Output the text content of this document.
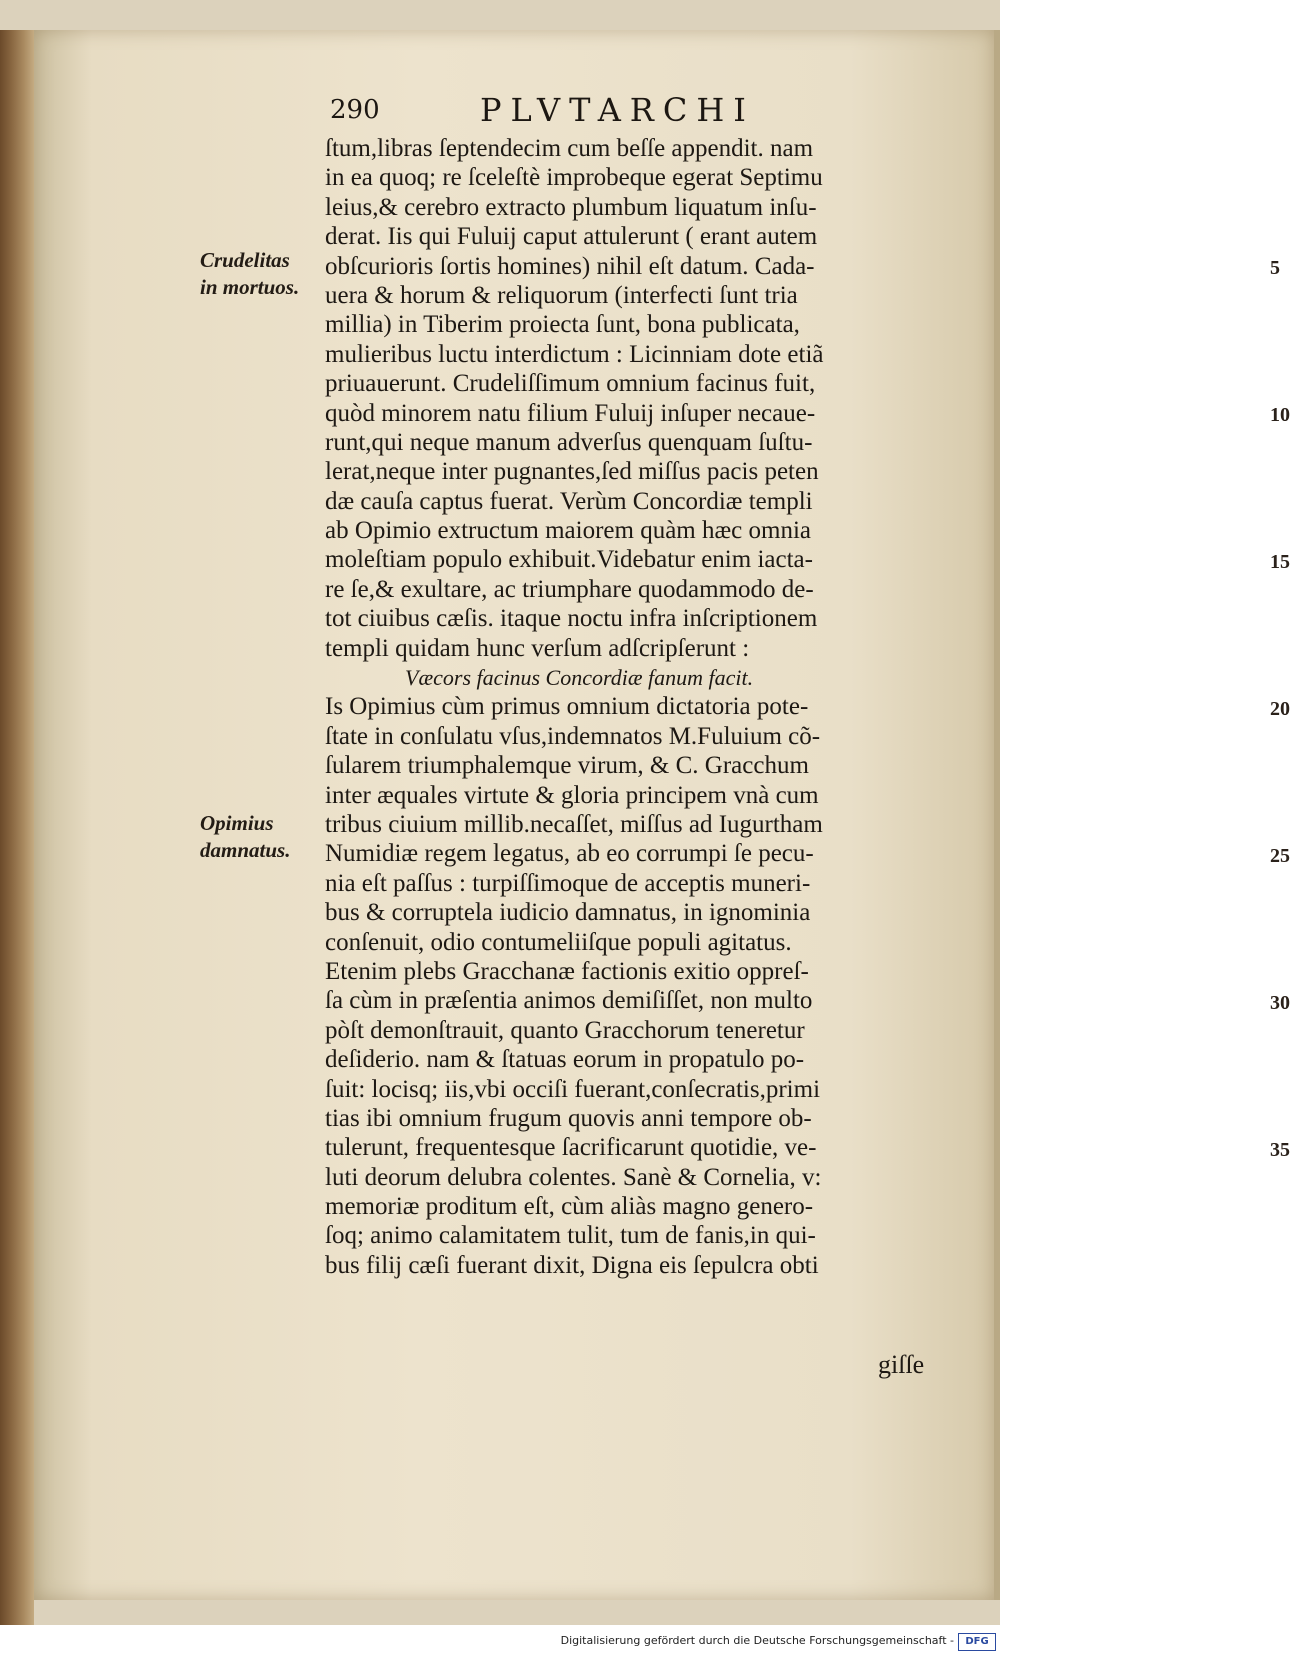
290	PLVTARCHI
Crudelitas
in mortuos.
Opimius
damnatus.
ſtum,libras ſeptendecim cum beſſe appendit. nam
in ea quoq; re ſceleſtè improbeque egerat Septimu
leius,& cerebro extracto plumbum liquatum inſu-
derat. Iis qui Fuluij caput attulerunt ( erant autem
obſcurioris ſortis homines) nihil eſt datum. Cada-
uera & horum & reliquorum (interfecti ſunt tria
millia) in Tiberim proiecta ſunt, bona publicata,
mulieribus luctu interdictum : Licinniam dote etiã
priuauerunt. Crudeliſſimum omnium facinus fuit,
quòd minorem natu filium Fuluij inſuper necaue-
runt,qui neque manum adverſus quenquam ſuſtu-
lerat,neque inter pugnantes,ſed miſſus pacis peten
dæ cauſa captus fuerat. Verùm Concordiæ templi
ab Opimio extructum maiorem quàm hæc omnia
moleſtiam populo exhibuit.Videbatur enim iacta-
re ſe,& exultare, ac triumphare quodammodo de-
tot ciuibus cæſis. itaque noctu infra inſcriptionem
templi quidam hunc verſum adſcripſerunt :
Væcors facinus Concordiæ fanum facit.
Is Opimius cùm primus omnium dictatoria pote-
ſtate in conſulatu vſus,indemnatos M.Fuluium cõ-
ſularem triumphalemque virum, & C. Gracchum
inter æquales virtute & gloria principem vnà cum
tribus ciuium millib.necaſſet, miſſus ad Iugurtham
Numidiæ regem legatus, ab eo corrumpi ſe pecu-
nia eſt paſſus : turpiſſimoque de acceptis muneri-
bus & corruptela iudicio damnatus, in ignominia
conſenuit, odio contumeliiſque populi agitatus.
Etenim plebs Gracchanæ factionis exitio oppreſ-
ſa cùm in præſentia animos demiſiſſet, non multo
pòſt demonſtrauit, quanto Gracchorum teneretur
deſiderio. nam & ſtatuas eorum in propatulo po-
ſuit: locisq; iis,vbi occiſi fuerant,conſecratis,primi
tias ibi omnium frugum quovis anni tempore ob-
tulerunt, frequentesque ſacrificarunt quotidie, ve-
luti deorum delubra colentes. Sanè & Cornelia, v:
memoriæ proditum eſt, cùm aliàs magno genero-
ſoq; animo calamitatem tulit, tum de fanis,in qui-
bus filij cæſi fuerant dixit, Digna eis ſepulcra obti
5
10
15
20
25
30
35
giſſe
Digitalisierung gefördert durch die Deutsche Forschungsgemeinschaft -	DFG
